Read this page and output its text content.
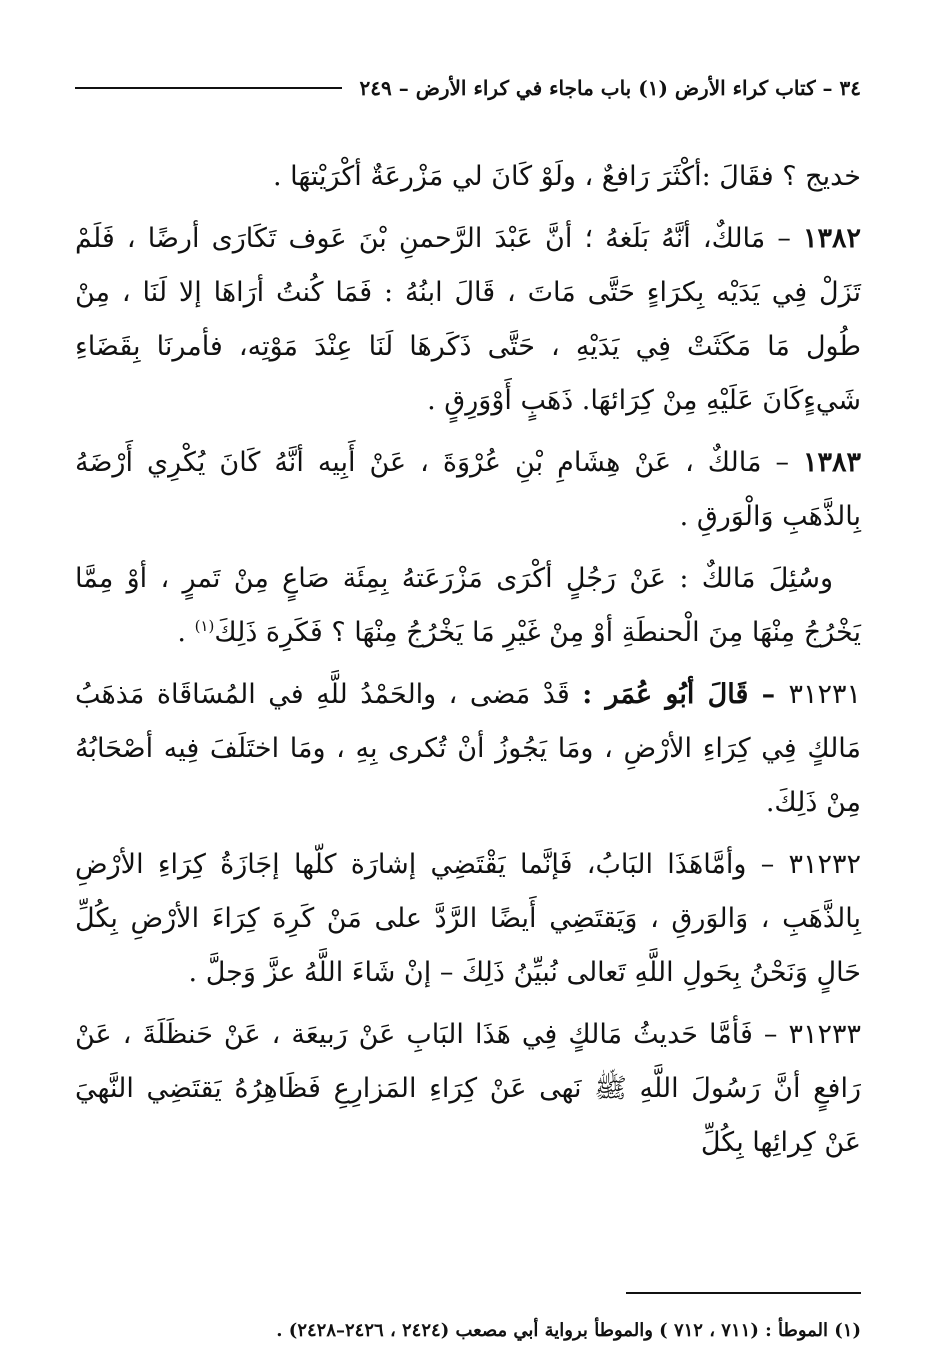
٣٤ – كتاب كراء الأرض (١) باب ماجاء في كراء الأرض – ٢٤٩

خديج ؟ فقَالَ :أكْثَرَ رَافعٌ ، ولَوْ كَانَ لي مَزْرعَةٌ أكْرَيْتهَا .

١٣٨٢ – مَالكٌ، أنَّهُ بَلَغهُ ؛ أنَّ عَبْدَ الرَّحمنِ بْنَ عَوف تَكَارَى أرضًا ، فَلَمْ تَزَلْ فِي يَدَيْه بِكرَاءٍ حَتَّى مَاتَ ، قَالَ ابنُهُ : فَمَا كُنتُ أرَاهَا إلا لَنَا ، مِنْ طُول مَا مَكَثَتْ فِي يَدَيْهِ ، حَتَّى ذَكَرهَا لَنَا عِنْدَ مَوْتِه، فأمرنَا بِقَضَاءِ شَيءٍكَانَ عَلَيْهِ مِنْ كِرَائهَا. ذَهَبٍ أَوْوَرِقٍ .

١٣٨٣ – مَالكٌ ، عَنْ هِشَامِ بْنِ عُرْوَةَ ، عَنْ أَبِيه أنَّهُ كَانَ يُكْرِي أَرْضَهُ بِالذَّهَبِ وَالْوَرقِ .

وسُئِلَ مَالكٌ : عَنْ رَجُلٍ أكْرَى مَزْرَعَتهُ بِمِئَة صَاعٍ مِنْ تَمرٍ ، أوْ مِمَّا يَخْرُجُ مِنْهَا مِنَ الْحنطَةِ أوْ مِنْ غَيْرِ مَا يَخْرُجُ مِنْهَا ؟ فَكَرِهَ ذَلِكَ$^{(١)}$ .

٣١٢٣١ – قَالَ أبُو عُمَر : قَدْ مَضى ، والحَمْدُ للَّهِ في المُسَاقَاة مَذهَبُ مَالكٍ فِي كِرَاءِ الأرْضِ ، ومَا يَجُوزُ أنْ تُكرى بِهِ ، ومَا اختَلَفَ فِيه أصْحَابُهُ مِنْ ذَلِكَ.

٣١٢٣٢ – وأمَّاهَذَا البَابُ، فَإنَّما يَقْتَضِي إشارَة كلّها إجَازَةُ كِرَاءِ الأرْضِ بِالذَّهَبِ ، وَالوَرقِ ، وَيَقتَضِي أَيضًا الرَّدَّ على مَنْ كَرِهَ كِرَاءَ الأرْضِ بِكُلِّ حَالٍ وَنَحْنُ بِحَولِ اللَّهِ تَعالى نُبيِّنُ ذَلِكَ – إنْ شَاءَ اللَّهُ عزَّ وَجلَّ .

٣١٢٣٣ – فَأمَّا حَديثُ مَالكٍ فِي هَذَا البَابِ عَنْ رَبيعَة ، عَنْ حَنظَلَةَ ، عَنْ رَافعٍ أنَّ رَسُولَ اللَّهِ ﷺ نَهى عَنْ كِرَاءِ المَزارِعِ فَظَاهِرُهُ يَقتَضِي النَّهيَ عَنْ كِرائِها بِكُلِّ

(١) الموطأ : (٧١١ ، ٧١٢ ) والموطأ برواية أبي مصعب (٢٤٢٤ ، ٢٤٢٦–٢٤٢٨) .
